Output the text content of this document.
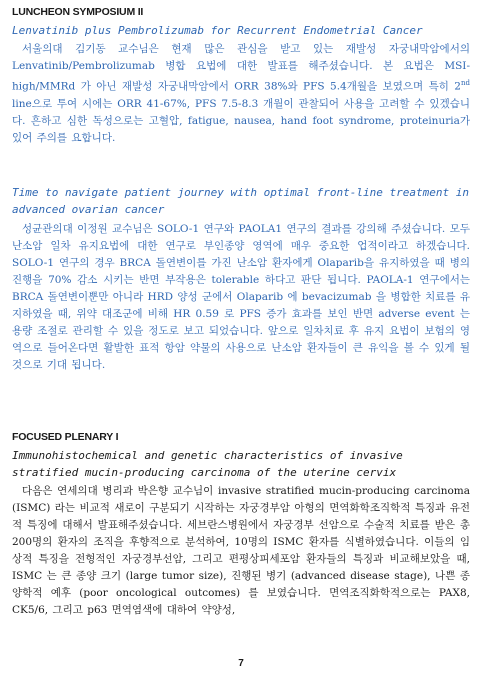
LUNCHEON SYMPOSIUM II

Lenvatinib plus Pembrolizumab for Recurrent Endometrial Cancer

서울의대 김기동 교수님은 현재 많은 관심을 받고 있는 재발성 자궁내막암에서의 Lenvatinib/Pembrolizumab 병합 요법에 대한 발표를 해주셨습니다. 본 요법은 MSI-high/MMRd 가 아닌 재발성 자궁내막암에서 ORR 38%와 PFS 5.4개월을 보였으며 특히 2nd line으로 투여 시에는 ORR 41-67%, PFS 7.5-8.3 개월이 관찰되어 사용을 고려할 수 있겠습니다. 흔하고 심한 독성으로는 고혈압, fatigue, nausea, hand foot syndrome, proteinuria가 있어 주의를 요합니다.

Time to navigate patient journey with optimal front-line treatment in advanced ovarian cancer

성균관의대 이정원 교수님은 SOLO-1 연구와 PAOLA1 연구의 결과를 강의해 주셨습니다. 모두 난소암 일차 유지요법에 대한 연구로 부인종양 영역에 매우 중요한 업적이라고 하겠습니다. SOLO-1 연구의 경우 BRCA 돌연변이를 가진 난소암 환자에게 Olaparib을 유지하였을 때 병의 진행을 70% 감소 시키는 반면 부작용은 tolerable 하다고 판단 됩니다. PAOLA-1 연구에서는 BRCA 돌연변이뿐만 아니라 HRD 양성 군에서 Olaparib 에 bevacizumab 을 병합한 치료를 유지하였을 때, 위약 대조군에 비해 HR 0.59 로 PFS 증가 효과를 보인 반면 adverse event 는 용량 조절로 관리할 수 있을 정도로 보고 되었습니다. 앞으로 일차치료 후 유지 요법이 보험의 영역으로 들어온다면 활발한 표적 항암 약물의 사용으로 난소암 환자들이 큰 유익을 볼 수 있게 될 것으로 기대 됩니다.

FOCUSED PLENARY I

Immunohistochemical and genetic characteristics of invasive stratified mucin-producing carcinoma of the uterine cervix

다음은 연세의대 병리과 박은향 교수님이 invasive stratified mucin-producing carcinoma (ISMC) 라는 비교적 새로이 구분되기 시작하는 자궁경부암 아형의 면역화학조직학적 특징과 유전적 특징에 대해서 발표해주셨습니다. 세브란스병원에서 자궁경부 선암으로 수술적 치료를 받은 총 200명의 환자의 조직을 후향적으로 분석하여, 10명의 ISMC 환자를 식별하였습니다. 이들의 임상적 특징을 전형적인 자궁경부선암, 그리고 편평상피세포암 환자들의 특징과 비교해보았을 때, ISMC 는 큰 종양 크기 (large tumor size), 진행된 병기 (advanced disease stage), 나쁜 종양학적 예후 (poor oncological outcomes) 를 보였습니다. 면역조직화학적으로는 PAX8, CK5/6, 그리고 p63 면역염색에 대하여 약양성,

7
